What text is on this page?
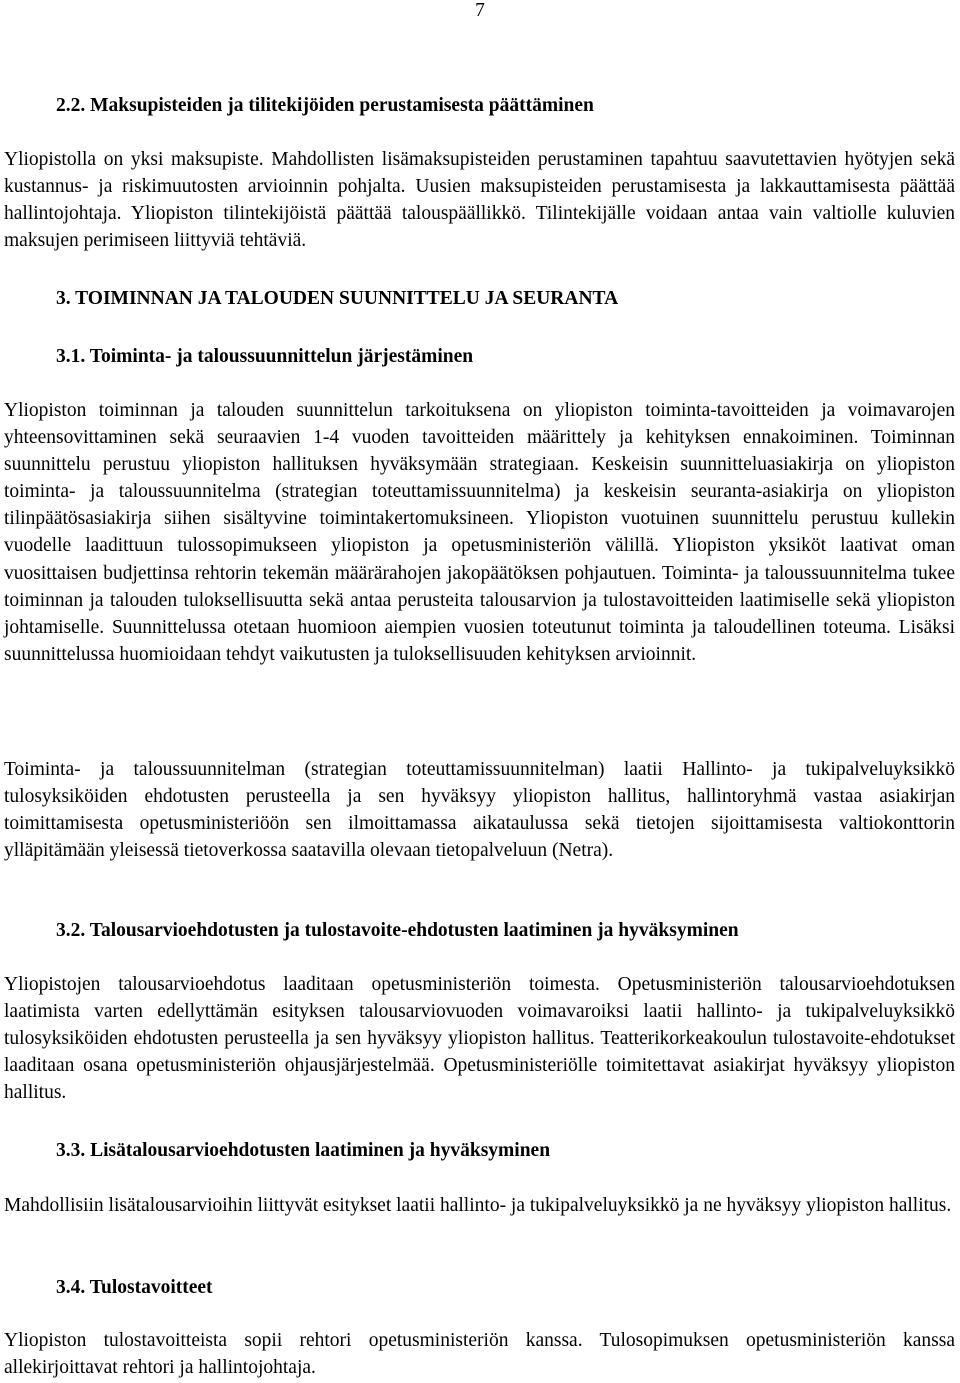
7
2.2. Maksupisteiden ja tilitekijöiden perustamisesta päättäminen
Yliopistolla on yksi maksupiste. Mahdollisten lisämaksupisteiden perustaminen tapahtuu saavutettavien hyötyjen sekä kustannus- ja riskimuutosten arvioinnin pohjalta. Uusien maksupisteiden perustamisesta ja lakkauttamisesta päättää hallintojohtaja. Yliopiston tilintekijöistä päättää talouspäällikkö. Tilintekijälle voidaan antaa vain valtiolle kuluvien maksujen perimiseen liittyviä tehtäviä.
3. TOIMINNAN JA TALOUDEN SUUNNITTELU JA SEURANTA
3.1. Toiminta- ja taloussuunnittelun järjestäminen
Yliopiston toiminnan ja talouden suunnittelun tarkoituksena on yliopiston toiminta-tavoitteiden ja voimavarojen yhteensovittaminen sekä seuraavien 1-4 vuoden tavoitteiden määrittely ja kehityksen ennakoiminen. Toiminnan suunnittelu perustuu yliopiston hallituksen hyväksymään strategiaan. Keskeisin suunnitteluasiakirja on yliopiston toiminta- ja taloussuunnitelma (strategian toteuttamissuunnitelma) ja keskeisin seuranta-asiakirja on yliopiston tilinpäätösasiakirja siihen sisältyvine toimintakertomuksineen. Yliopiston vuotuinen suunnittelu perustuu kullekin vuodelle laadittuun tulossopimukseen yliopiston ja opetusministeriön välillä. Yliopiston yksiköt laativat oman vuosittaisen budjettinsa rehtorin tekemän määrärahojen jakopäätöksen pohjautuen. Toiminta- ja taloussuunnitelma tukee toiminnan ja talouden tuloksellisuutta sekä antaa perusteita talousarvion ja tulostavoitteiden laatimiselle sekä yliopiston johtamiselle. Suunnittelussa otetaan huomioon aiempien vuosien toteutunut toiminta ja taloudellinen toteuma. Lisäksi suunnittelussa huomioidaan tehdyt vaikutusten ja tuloksellisuuden kehityksen arvioinnit.
Toiminta- ja taloussuunnitelman (strategian toteuttamissuunnitelman) laatii Hallinto- ja tukipalveluyksikkö tulosyksiköiden ehdotusten perusteella ja sen hyväksyy yliopiston hallitus, hallintoryhmä vastaa asiakirjan toimittamisesta opetusministeriöön sen ilmoittamassa aikataulussa sekä tietojen sijoittamisesta valtiokonttorin ylläpitämään yleisessä tietoverkossa saatavilla olevaan tietopalveluun (Netra).
3.2. Talousarvioehdotusten ja tulostavoite-ehdotusten laatiminen ja hyväksyminen
Yliopistojen talousarvioehdotus laaditaan opetusministeriön toimesta. Opetusministeriön talousarvioehdotuksen laatimista varten edellyttämän esityksen talousarviovuoden voimavaroiksi laatii hallinto- ja tukipalveluyksikkö tulosyksiköiden ehdotusten perusteella ja sen hyväksyy yliopiston hallitus. Teatterikorkeakoulun tulostavoite-ehdotukset laaditaan osana opetusministeriön ohjausjärjestelmää. Opetusministeriölle toimitettavat asiakirjat hyväksyy yliopiston hallitus.
3.3. Lisätalousarvioehdotusten laatiminen ja hyväksyminen
Mahdollisiin lisätalousarvioihin liittyvät esitykset laatii hallinto- ja tukipalveluyksikkö ja ne hyväksyy yliopiston hallitus.
3.4. Tulostavoitteet
Yliopiston tulostavoitteista sopii rehtori opetusministeriön kanssa. Tulosopimuksen opetusministeriön kanssa allekirjoittavat rehtori ja hallintojohtaja.
